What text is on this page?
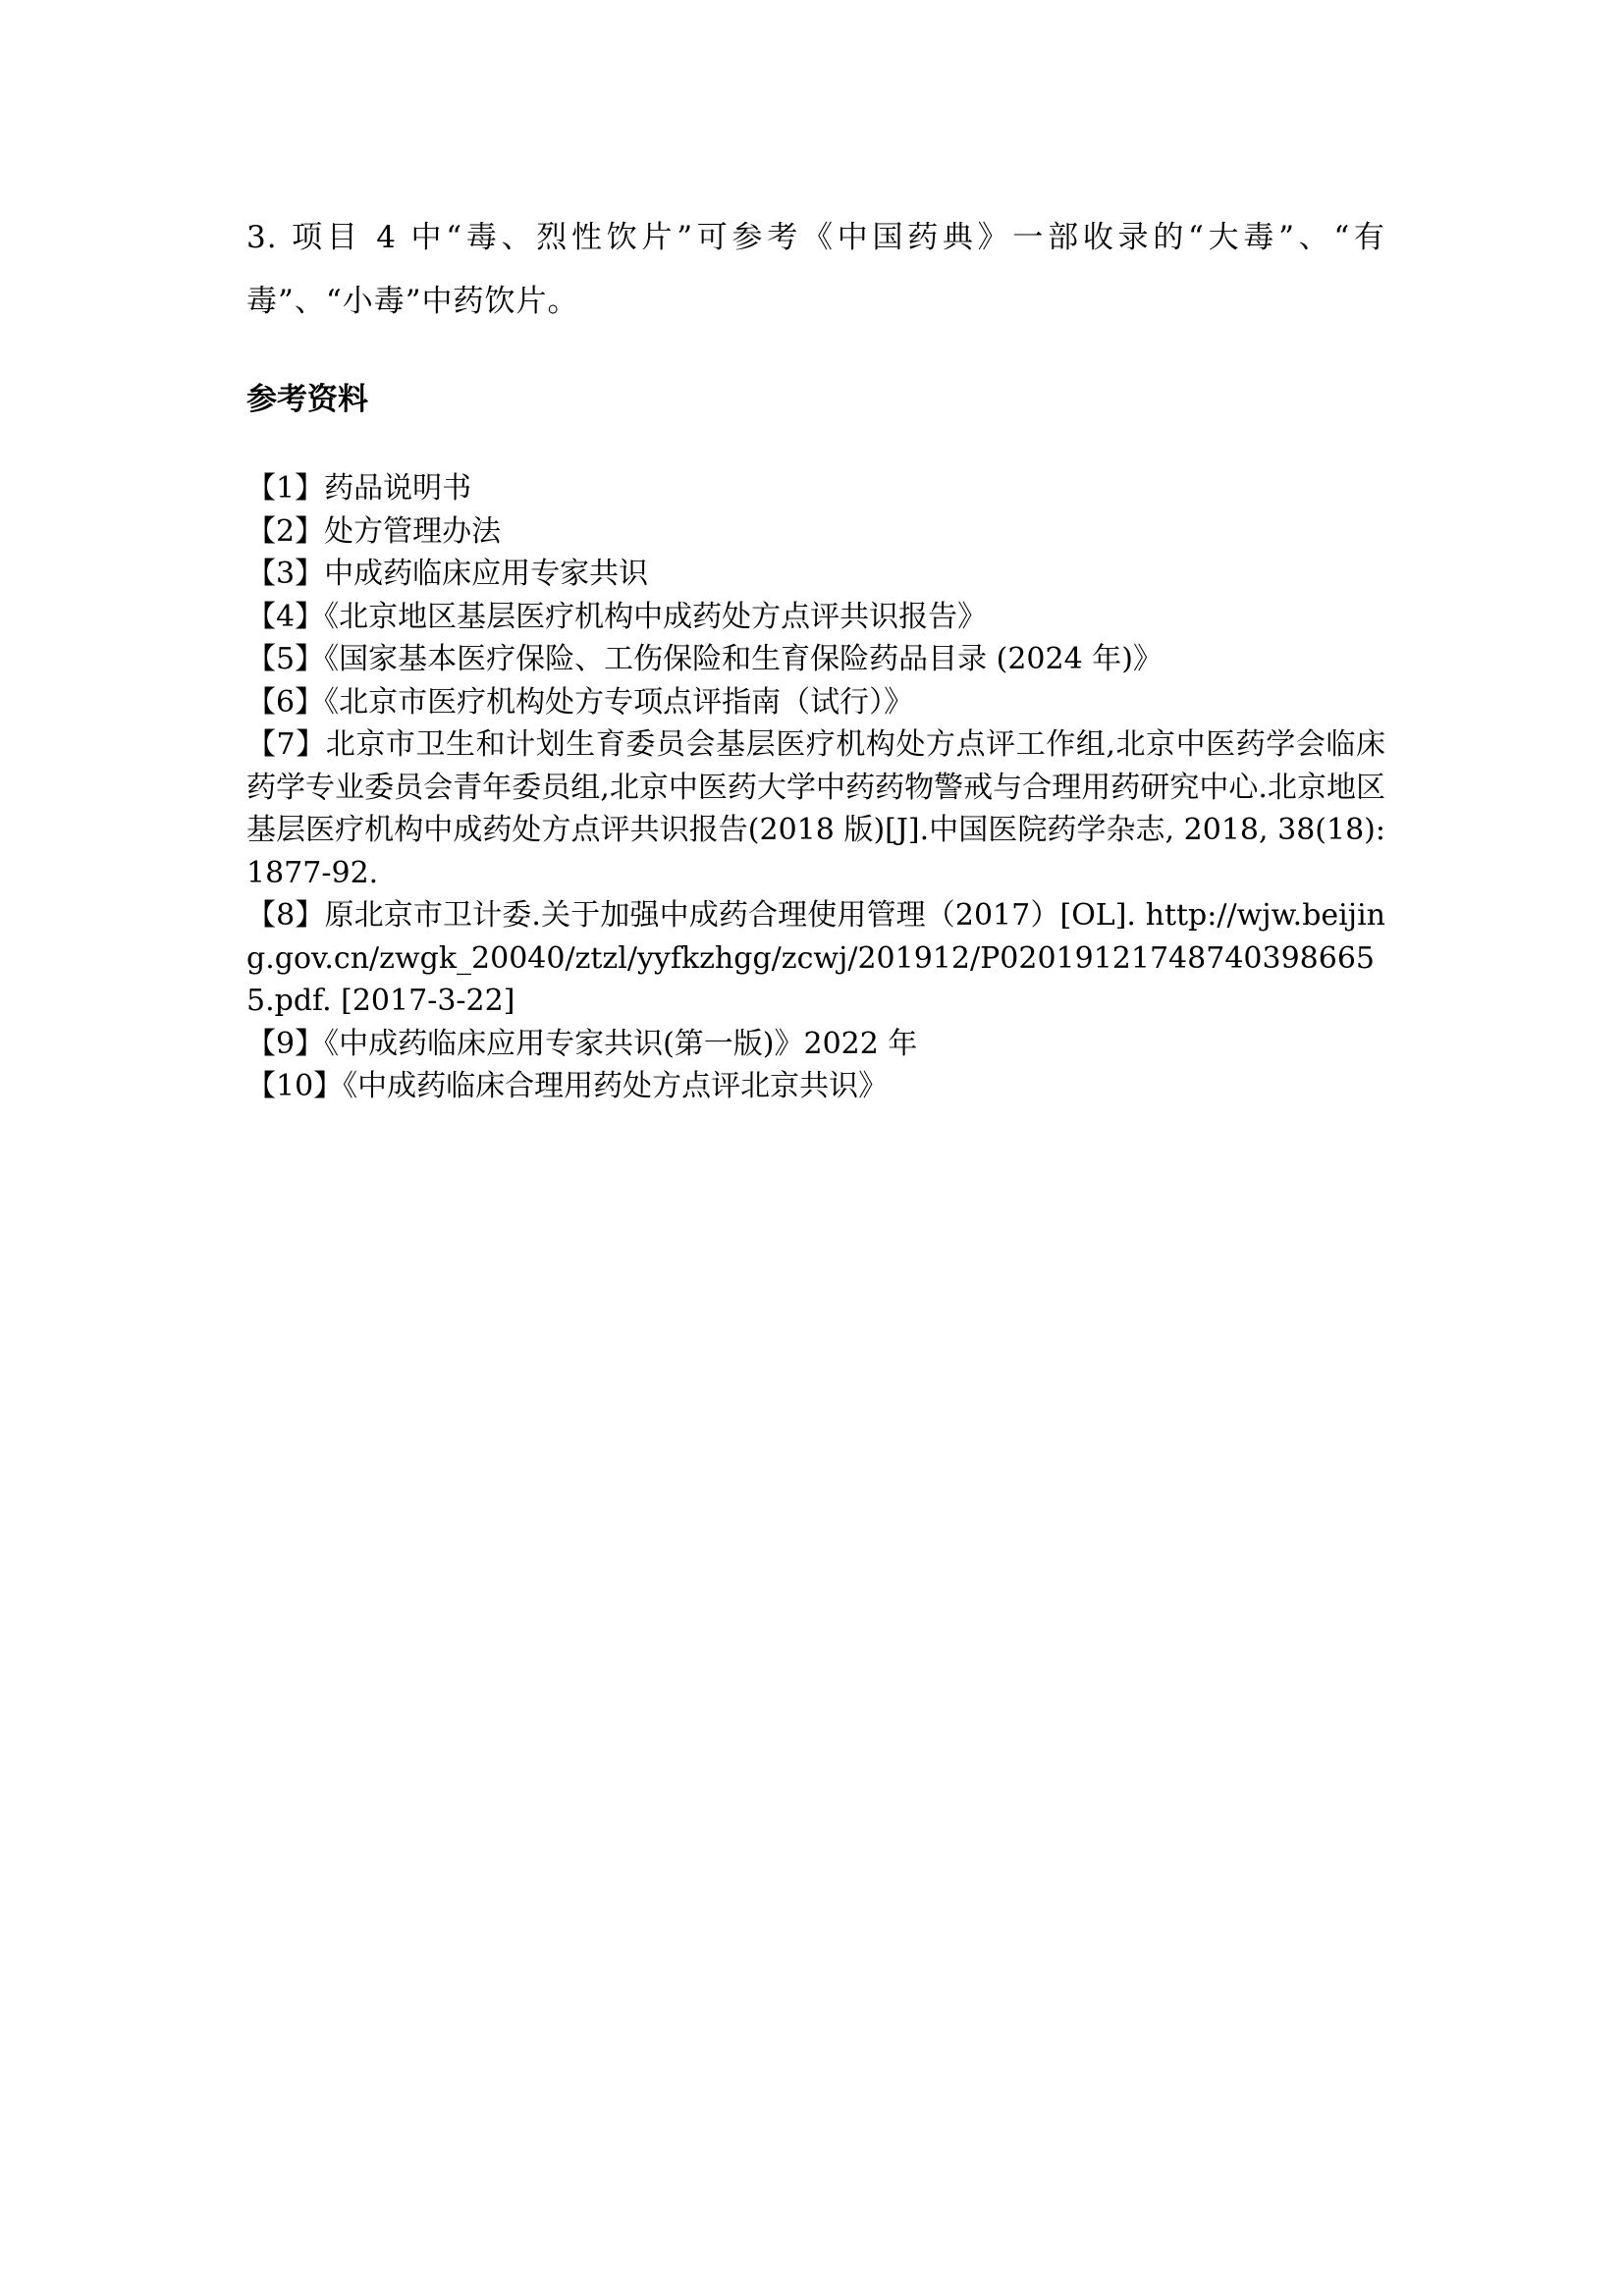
3. 项目 4 中“毒、烈性饮片”可参考《中国药典》一部收录的“大毒”、“有毒”、“小毒”中药饮片。

参考资料
【1】药品说明书
【2】处方管理办法
【3】中成药临床应用专家共识
【4】《北京地区基层医疗机构中成药处方点评共识报告》
【5】《国家基本医疗保险、工伤保险和生育保险药品目录 (2024 年)》
【6】《北京市医疗机构处方专项点评指南（试行）》
【7】北京市卫生和计划生育委员会基层医疗机构处方点评工作组,北京中医药学会临床药学专业委员会青年委员组,北京中医药大学中药药物警戒与合理用药研究中心.北京地区基层医疗机构中成药处方点评共识报告(2018 版)[J].中国医院药学杂志, 2018, 38(18): 1877-92.
【8】原北京市卫计委.关于加强中成药合理使用管理（2017）[OL]. http://wjw.beijing.gov.cn/zwgk_20040/ztzl/yyfkzhgg/zcwj/201912/P020191217487403986655.pdf. [2017-3-22]
【9】《中成药临床应用专家共识(第一版)》2022 年
【10】《中成药临床合理用药处方点评北京共识》
